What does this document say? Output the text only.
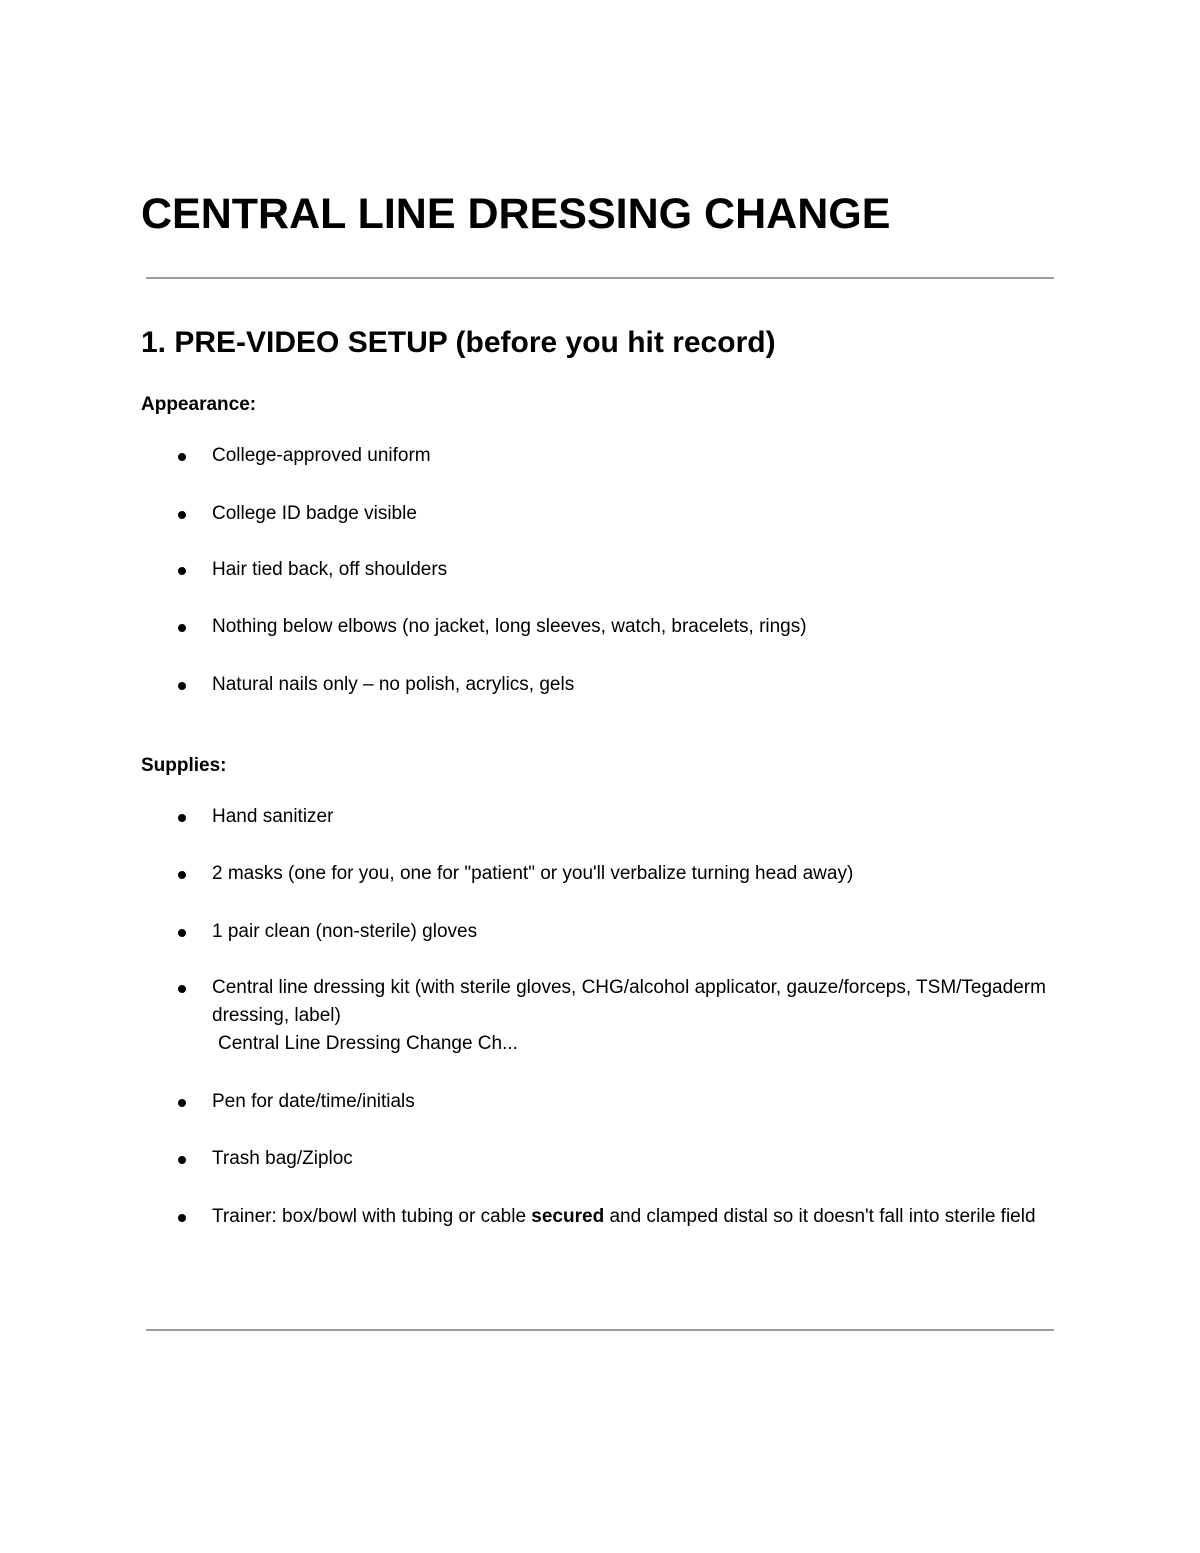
CENTRAL LINE DRESSING CHANGE
1. PRE-VIDEO SETUP (before you hit record)

Appearance:

College-approved uniform
College ID badge visible
Hair tied back, off shoulders
Nothing below elbows (no jacket, long sleeves, watch, bracelets, rings)
Natural nails only – no polish, acrylics, gels

Supplies:

Hand sanitizer
2 masks (one for you, one for "patient" or you'll verbalize turning head away)
1 pair clean (non-sterile) gloves
Central line dressing kit (with sterile gloves, CHG/alcohol applicator, gauze/forceps, TSM/Tegaderm dressing, label)
Central Line Dressing Change Ch...
Pen for date/time/initials
Trash bag/Ziploc
Trainer: box/bowl with tubing or cable secured and clamped distal so it doesn't fall into sterile field
